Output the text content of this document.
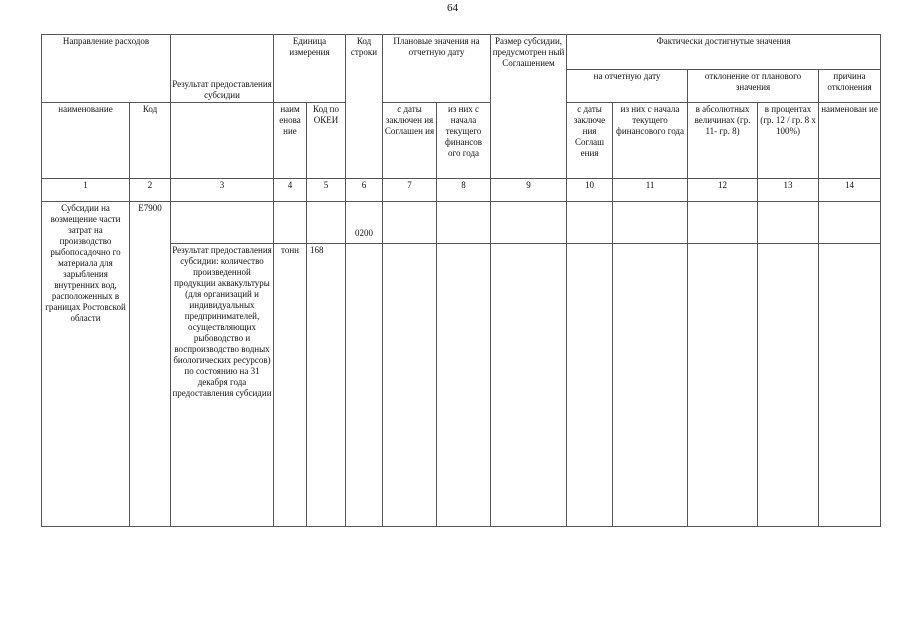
64
Направление расходов		Результат предоставления субсидии	Единица измерения		Код строки	Плановые значения на отчетную дату		Размер субсидии, предусмотрен ный Соглашением	Фактически достигнутые значения				
									на отчетную дату		отклонение от планового значения		причина отклонения
наименование	Код		наим енова ние	Код по ОКЕИ		с даты заключен ия Соглашен ия	из них с начала текущего финансов ого года		с даты заключе ния Соглаш ения	из них с начала текущего финансового года	в абсолютных величинах (гр. 11- гр. 8)	в процентах (гр. 12 / гр. 8 х 100%)	наименован ие
1	2	3	4	5	6	7	8	9	10	11	12	13	14
Субсидии на возмещение части затрат на производство рыбопосадочно го материала для зарыбления внутренних вод, расположенных в границах Ростовской области	Е7900				0200								
		Результат предоставления субсидии: количество произведенной продукции аквакультуры (для организаций и индивидуальных предпринимателей, осуществляющих рыбоводство и воспроизводство водных биологических ресурсов) по состоянию на 31 декабря года предоставления субсидии	тонн	168									
